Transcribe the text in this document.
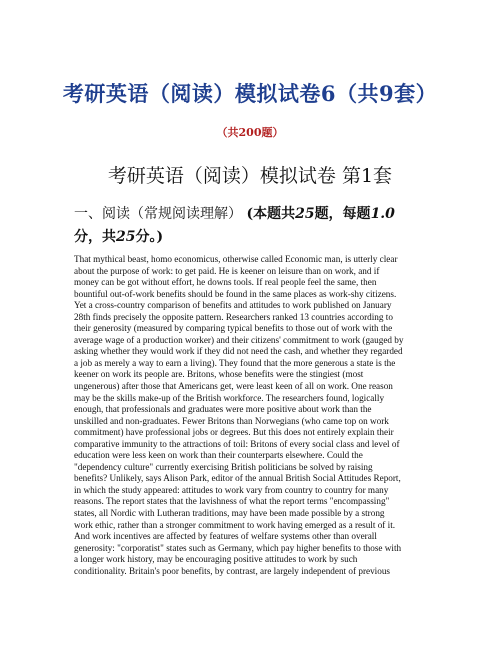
考研英语（阅读）模拟试卷6（共9套）
（共200题）
考研英语（阅读）模拟试卷 第1套
一、阅读（常规阅读理解） (本题共25题，每题1.0
分，共25分。)
That mythical beast, homo economicus, otherwise called Economic man, is utterly clear
about the purpose of work: to get paid. He is keener on leisure than on work, and if
money can be got without effort, he downs tools. If real people feel the same, then
bountiful out-of-work benefits should be found in the same places as work-shy citizens.
Yet a cross-country comparison of benefits and attitudes to work published on January
28th finds precisely the opposite pattern. Researchers ranked 13 countries according to
their generosity (measured by comparing typical benefits to those out of work with the
average wage of a production worker) and their citizens' commitment to work (gauged by
asking whether they would work if they did not need the cash, and whether they regarded
a job as merely a way to earn a living). They found that the more generous a state is the
keener on work its people are. Britons, whose benefits were the stingiest (most
ungenerous) after those that Americans get, were least keen of all on work. One reason
may be the skills make-up of the British workforce. The researchers found, logically
enough, that professionals and graduates were more positive about work than the
unskilled and non-graduates. Fewer Britons than Norwegians (who came top on work
commitment) have professional jobs or degrees. But this does not entirely explain their
comparative immunity to the attractions of toil: Britons of every social class and level of
education were less keen on work than their counterparts elsewhere. Could the
"dependency culture" currently exercising British politicians be solved by raising
benefits? Unlikely, says Alison Park, editor of the annual British Social Attitudes Report,
in which the study appeared: attitudes to work vary from country to country for many
reasons. The report states that the lavishness of what the report terms "encompassing"
states, all Nordic with Lutheran traditions, may have been made possible by a strong
work ethic, rather than a stronger commitment to work having emerged as a result of it.
And work incentives are affected by features of welfare systems other than overall
generosity: "corporatist" states such as Germany, which pay higher benefits to those with
a longer work history, may be encouraging positive attitudes to work by such
conditionality. Britain's poor benefits, by contrast, are largely independent of previous
